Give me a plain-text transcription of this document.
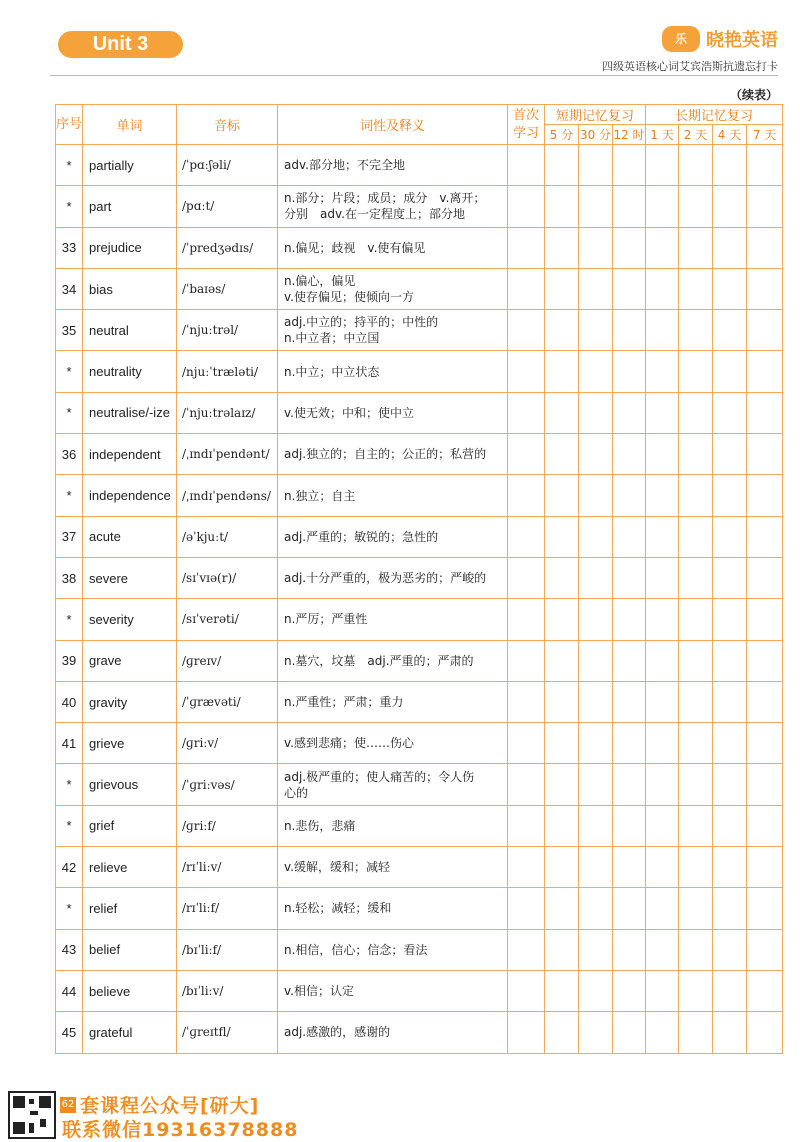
Unit 3	乐	晓艳英语
四级英语核心词艾宾浩斯抗遗忘打卡
（续表）
序号	单词	音标	词性及释义	首次学习	短期记忆复习			长期记忆复习			
					5 分	30 分	12 时	1 天	2 天	4 天	7 天
*	partially	/ˈpɑːʃəli/	adv.部分地；不完全地								
*	part	/pɑːt/	n.部分；片段；成员；成分　v.离开；
分别　adv.在一定程度上；部分地								
33	prejudice	/ˈpredʒədɪs/	n.偏见；歧视　v.使有偏见								
34	bias	/ˈbaɪəs/	n.偏心，偏见
v.使存偏见；使倾向一方								
35	neutral	/ˈnjuːtrəl/	adj.中立的；持平的；中性的
n.中立者；中立国								
*	neutrality	/njuːˈtræləti/	n.中立；中立状态								
*	neutralise/-ize	/ˈnjuːtrəlaɪz/	v.使无效；中和；使中立								
36	independent	/ˌɪndɪˈpendənt/	adj.独立的；自主的；公正的；私营的								
*	independence	/ˌɪndɪˈpendəns/	n.独立；自主								
37	acute	/əˈkjuːt/	adj.严重的；敏锐的；急性的								
38	severe	/sɪˈvɪə(r)/	adj.十分严重的，极为恶劣的；严峻的								
*	severity	/sɪˈverəti/	n.严厉；严重性								
39	grave	/ɡreɪv/	n.墓穴，坟墓　adj.严重的；严肃的								
40	gravity	/ˈɡrævəti/	n.严重性；严肃；重力								
41	grieve	/ɡriːv/	v.感到悲痛；使……伤心								
*	grievous	/ˈɡriːvəs/	adj.极严重的；使人痛苦的；令人伤
心的								
*	grief	/ɡriːf/	n.悲伤，悲痛								
42	relieve	/rɪˈliːv/	v.缓解，缓和；减轻								
*	relief	/rɪˈliːf/	n.轻松；减轻；缓和								
43	belief	/bɪˈliːf/	n.相信，信心；信念；看法								
44	believe	/bɪˈliːv/	v.相信；认定								
45	grateful	/ˈɡreɪtfl/	adj.感激的，感谢的								
62 套课程公众号[研大]
联系微信19316378888
